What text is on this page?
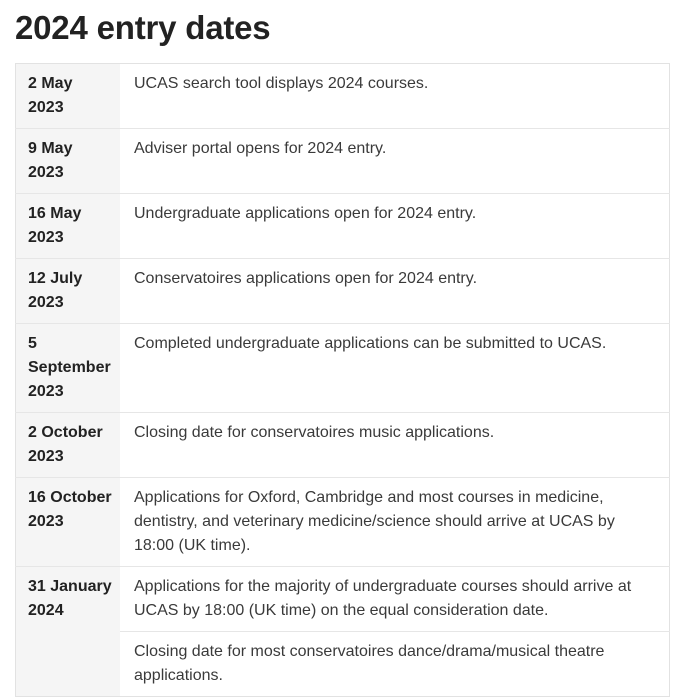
2024 entry dates
2 May 2023	UCAS search tool displays 2024 courses.
9 May 2023	Adviser portal opens for 2024 entry.
16 May 2023	Undergraduate applications open for 2024 entry.
12 July 2023	Conservatoires applications open for 2024 entry.
5 September 2023	Completed undergraduate applications can be submitted to UCAS.
2 October 2023	Closing date for conservatoires music applications.
16 October 2023	Applications for Oxford, Cambridge and most courses in medicine, dentistry, and veterinary medicine/science should arrive at UCAS by 18:00 (UK time).
31 January 2024	Applications for the majority of undergraduate courses should arrive at UCAS by 18:00 (UK time) on the equal consideration date.
	Closing date for most conservatoires dance/drama/musical theatre applications.
